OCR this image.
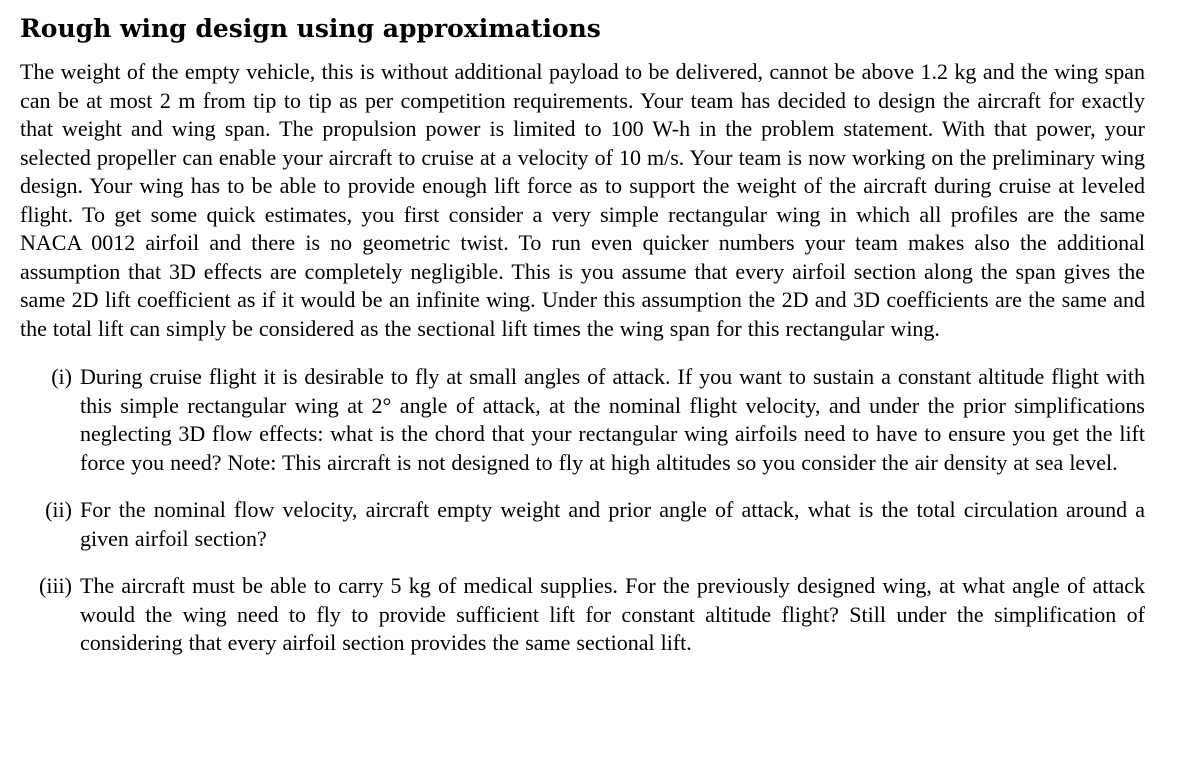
Rough wing design using approximations

The weight of the empty vehicle, this is without additional payload to be delivered, cannot be above 1.2 kg and the wing span can be at most 2 m from tip to tip as per competition requirements. Your team has decided to design the aircraft for exactly that weight and wing span. The propulsion power is limited to 100 W-h in the problem statement. With that power, your selected propeller can enable your aircraft to cruise at a velocity of 10 m/s. Your team is now working on the preliminary wing design. Your wing has to be able to provide enough lift force as to support the weight of the aircraft during cruise at leveled flight. To get some quick estimates, you first consider a very simple rectangular wing in which all profiles are the same NACA 0012 airfoil and there is no geometric twist. To run even quicker numbers your team makes also the additional assumption that 3D effects are completely negligible. This is you assume that every airfoil section along the span gives the same 2D lift coefficient as if it would be an infinite wing. Under this assumption the 2D and 3D coefficients are the same and the total lift can simply be considered as the sectional lift times the wing span for this rectangular wing.

(i) During cruise flight it is desirable to fly at small angles of attack. If you want to sustain a constant altitude flight with this simple rectangular wing at 2° angle of attack, at the nominal flight velocity, and under the prior simplifications neglecting 3D flow effects: what is the chord that your rectangular wing airfoils need to have to ensure you get the lift force you need? Note: This aircraft is not designed to fly at high altitudes so you consider the air density at sea level.
(ii) For the nominal flow velocity, aircraft empty weight and prior angle of attack, what is the total circulation around a given airfoil section?
(iii) The aircraft must be able to carry 5 kg of medical supplies. For the previously designed wing, at what angle of attack would the wing need to fly to provide sufficient lift for constant altitude flight? Still under the simplification of considering that every airfoil section provides the same sectional lift.
